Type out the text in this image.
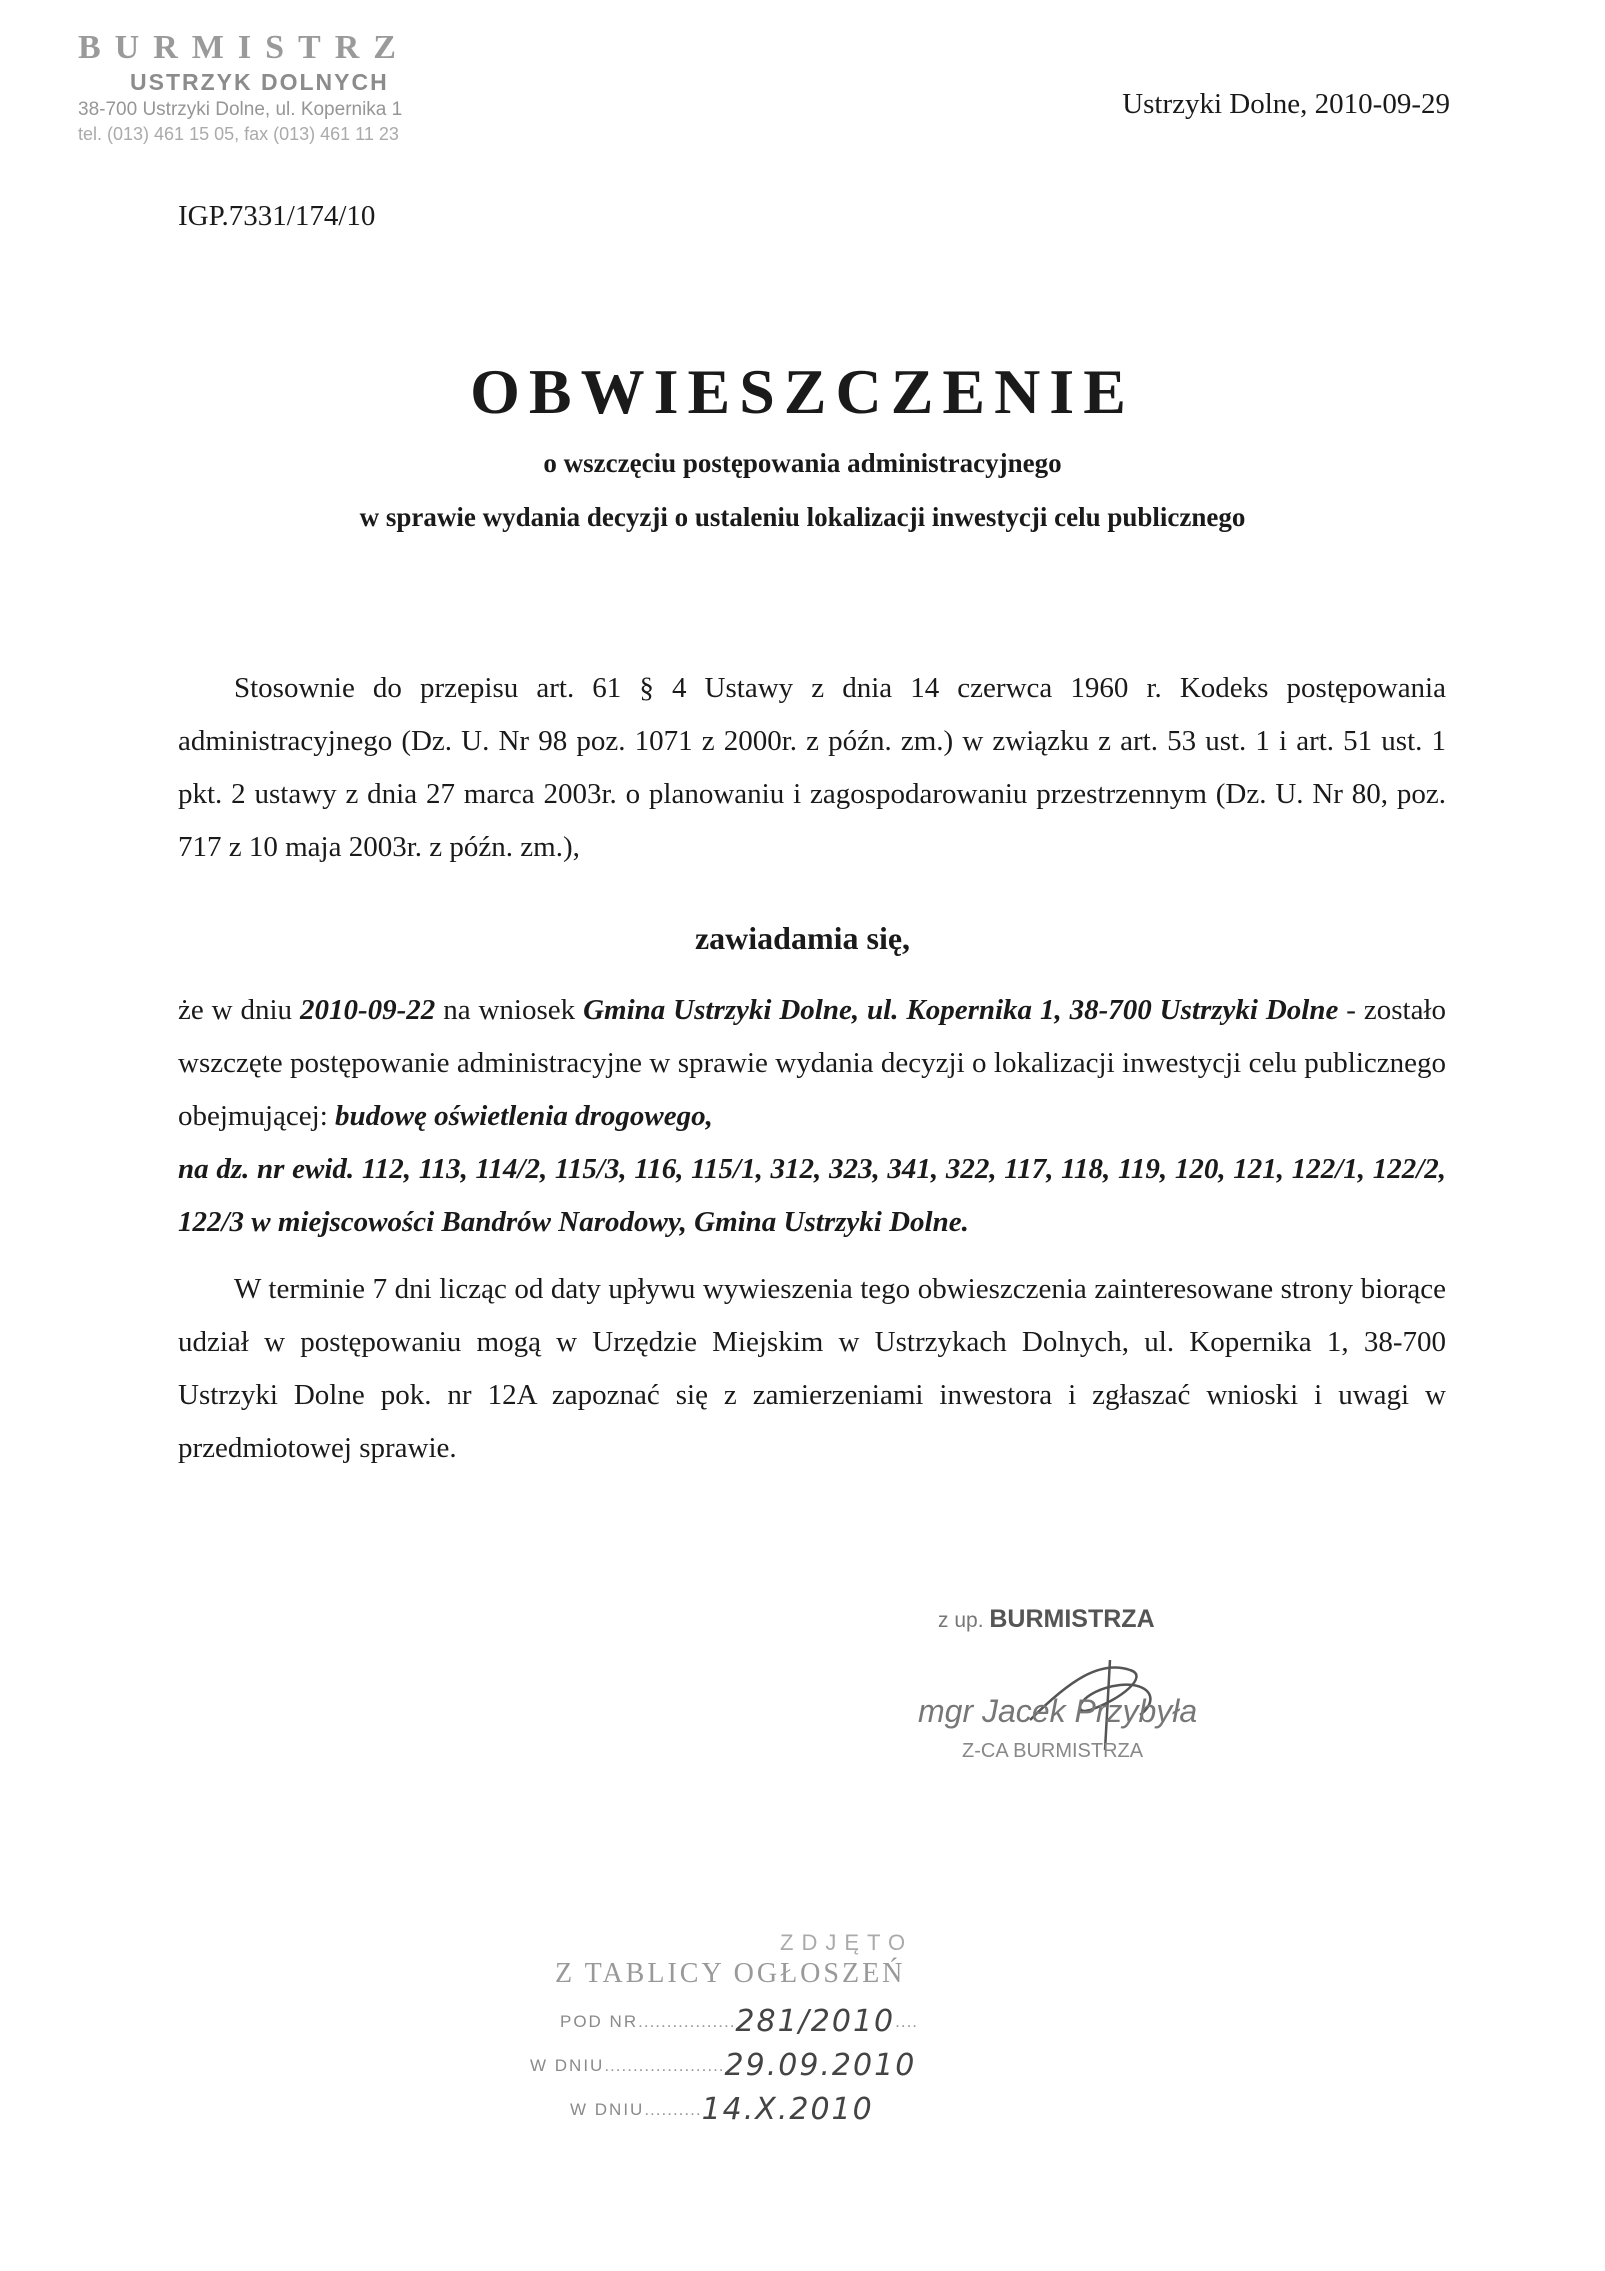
BURMISTRZ
USTRZYK DOLNYCH
38-700 Ustrzyki Dolne, ul. Kopernika 1
tel. (013) 461 15 05, fax (013) 461 11 23
Ustrzyki Dolne, 2010-09-29
IGP.7331/174/10
OBWIESZCZENIE
o wszczęciu postępowania administracyjnego
w sprawie wydania decyzji o ustaleniu lokalizacji inwestycji celu publicznego
Stosownie do przepisu art. 61 § 4 Ustawy z dnia 14 czerwca 1960 r. Kodeks postępowania administracyjnego (Dz. U. Nr 98 poz. 1071 z 2000r. z późn. zm.) w związku z art. 53 ust. 1 i art. 51 ust. 1 pkt. 2 ustawy z dnia 27 marca 2003r. o planowaniu i zagospodarowaniu przestrzennym (Dz. U. Nr 80, poz. 717 z 10 maja 2003r. z późn. zm.),
zawiadamia się,
że w dniu 2010-09-22 na wniosek Gmina Ustrzyki Dolne, ul. Kopernika 1, 38-700 Ustrzyki Dolne - zostało wszczęte postępowanie administracyjne w sprawie wydania decyzji o lokalizacji inwestycji celu publicznego obejmującej: budowę oświetlenia drogowego,
na dz. nr ewid. 112, 113, 114/2, 115/3, 116, 115/1, 312, 323, 341, 322, 117, 118, 119, 120, 121, 122/1, 122/2, 122/3 w miejscowości Bandrów Narodowy, Gmina Ustrzyki Dolne.
W terminie 7 dni licząc od daty upływu wywieszenia tego obwieszczenia zainteresowane strony biorące udział w postępowaniu mogą w Urzędzie Miejskim w Ustrzykach Dolnych, ul. Kopernika 1, 38-700 Ustrzyki Dolne pok. nr 12A zapoznać się z zamierzeniami inwestora i zgłaszać wnioski i uwagi w przedmiotowej sprawie.
z up. BURMISTRZA
mgr Jacek Przybyła
Z-CA BURMISTRZA
ZDJĘTO
Z TABLICY OGŁOSZEŃ
POD NR.................281/2010....
W DNIU.....................29.09.2010
W DNIU..........14.X.2010
